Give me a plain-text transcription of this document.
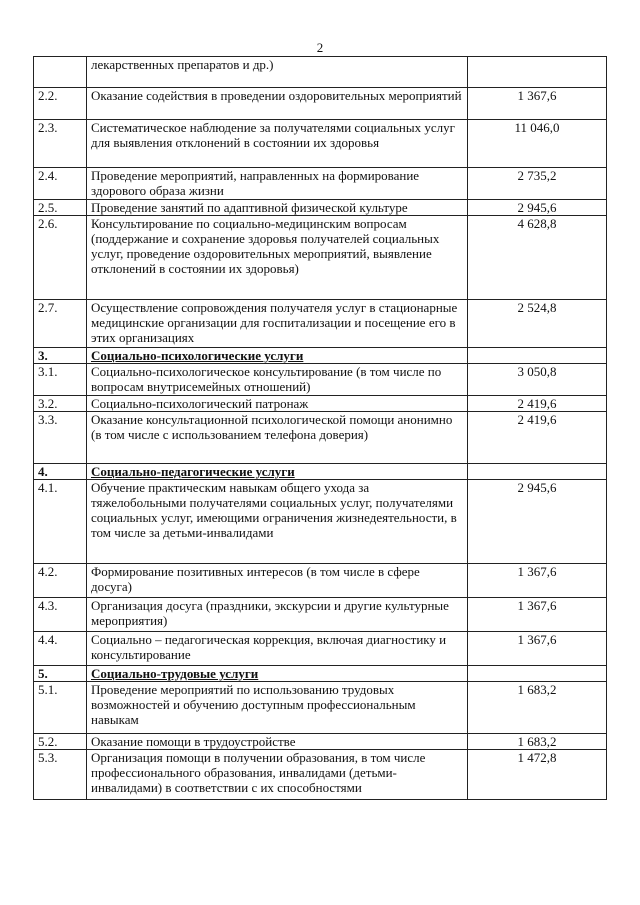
2
	лекарственных препаратов и др.)	
2.2.	Оказание содействия в проведении оздоровительных мероприятий	1 367,6
2.3.	Систематическое наблюдение за получателями социальных услуг для выявления отклонений в состоянии их здоровья	11 046,0
2.4.	Проведение мероприятий, направленных на формирование здорового образа жизни	2 735,2
2.5.	Проведение занятий по адаптивной физической культуре	2 945,6
2.6.	Консультирование по социально-медицинским вопросам (поддержание и сохранение здоровья получателей социальных услуг, проведение оздоровительных мероприятий, выявление отклонений в состоянии их здоровья)	4 628,8
2.7.	Осуществление сопровождения получателя услуг в стационарные медицинские организации для госпитализации и посещение его в этих организациях	2 524,8
3.	Социально-психологические услуги	
3.1.	Социально-психологическое консультирование (в том числе по вопросам внутрисемейных отношений)	3 050,8
3.2.	Социально-психологический патронаж	2 419,6
3.3.	Оказание консультационной психологической помощи анонимно (в том числе с использованием телефона доверия)	2 419,6
4.	Социально-педагогические услуги	
4.1.	Обучение практическим навыкам общего ухода за тяжелобольными получателями социальных услуг, получателями социальных услуг, имеющими ограничения жизнедеятельности, в том числе за детьми-инвалидами	2 945,6
4.2.	Формирование позитивных интересов (в том числе в сфере досуга)	1 367,6
4.3.	Организация досуга (праздники, экскурсии и другие культурные мероприятия)	1 367,6
4.4.	Социально – педагогическая коррекция, включая диагностику и консультирование	1 367,6
5.	Социально-трудовые услуги	
5.1.	Проведение мероприятий по использованию трудовых возможностей и обучению доступным профессиональным навыкам	1 683,2
5.2.	Оказание помощи в трудоустройстве	1 683,2
5.3.	Организация помощи в получении образования, в том числе профессионального образования, инвалидами (детьми-инвалидами) в соответствии с их способностями	1 472,8
